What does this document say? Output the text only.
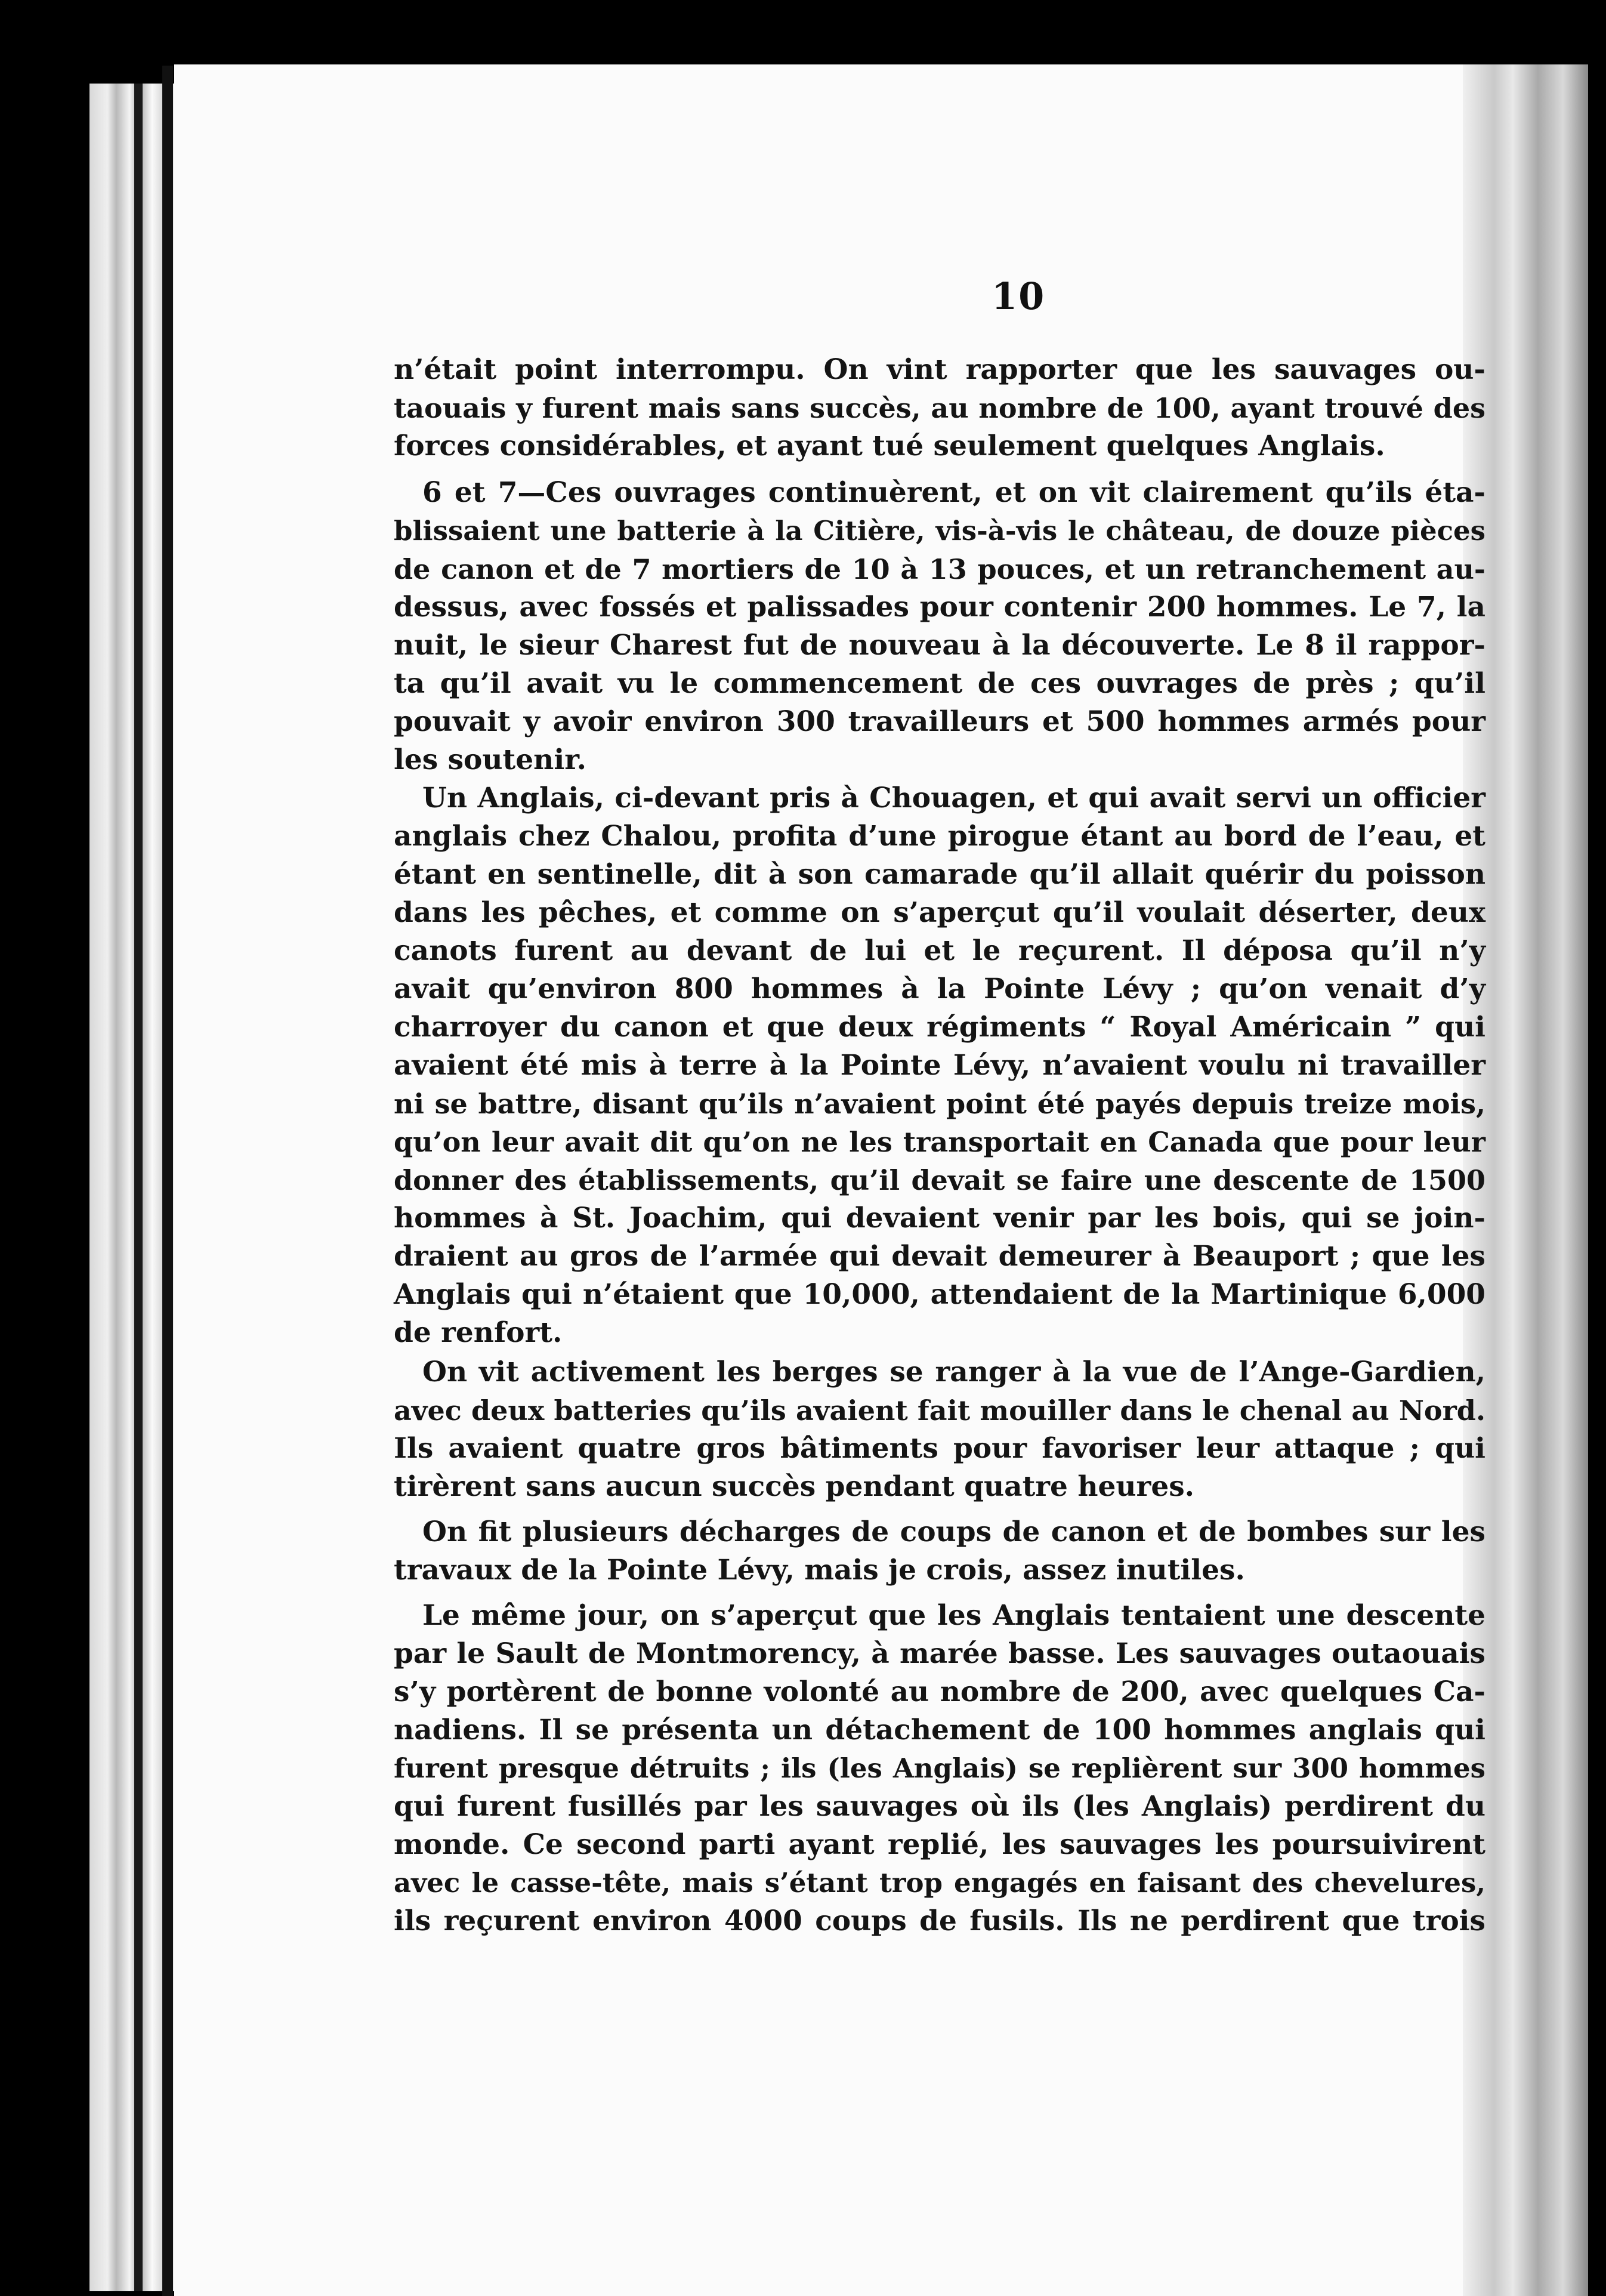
10
n’était point interrompu. On vint rapporter que les sauvages ou-
taouais y furent mais sans succès, au nombre de 100, ayant trouvé des
forces considérables, et ayant tué seulement quelques Anglais.
6 et 7—Ces ouvrages continuèrent, et on vit clairement qu’ils éta-
blissaient une batterie à la Citière, vis-à-vis le château, de douze pièces
de canon et de 7 mortiers de 10 à 13 pouces, et un retranchement au-
dessus, avec fossés et palissades pour contenir 200 hommes. Le 7, la
nuit, le sieur Charest fut de nouveau à la découverte. Le 8 il rappor-
ta qu’il avait vu le commencement de ces ouvrages de près ; qu’il
pouvait y avoir environ 300 travailleurs et 500 hommes armés pour
les soutenir.
Un Anglais, ci-devant pris à Chouagen, et qui avait servi un officier
anglais chez Chalou, profita d’une pirogue étant au bord de l’eau, et
étant en sentinelle, dit à son camarade qu’il allait quérir du poisson
dans les pêches, et comme on s’aperçut qu’il voulait déserter, deux
canots furent au devant de lui et le reçurent. Il déposa qu’il n’y
avait qu’environ 800 hommes à la Pointe Lévy ; qu’on venait d’y
charroyer du canon et que deux régiments “ Royal Américain ” qui
avaient été mis à terre à la Pointe Lévy, n’avaient voulu ni travailler
ni se battre, disant qu’ils n’avaient point été payés depuis treize mois,
qu’on leur avait dit qu’on ne les transportait en Canada que pour leur
donner des établissements, qu’il devait se faire une descente de 1500
hommes à St. Joachim, qui devaient venir par les bois, qui se join-
draient au gros de l’armée qui devait demeurer à Beauport ; que les
Anglais qui n’étaient que 10,000, attendaient de la Martinique 6,000
de renfort.
On vit activement les berges se ranger à la vue de l’Ange-Gardien,
avec deux batteries qu’ils avaient fait mouiller dans le chenal au Nord.
Ils avaient quatre gros bâtiments pour favoriser leur attaque ; qui
tirèrent sans aucun succès pendant quatre heures.
On fit plusieurs décharges de coups de canon et de bombes sur les
travaux de la Pointe Lévy, mais je crois, assez inutiles.
Le même jour, on s’aperçut que les Anglais tentaient une descente
par le Sault de Montmorency, à marée basse. Les sauvages outaouais
s’y portèrent de bonne volonté au nombre de 200, avec quelques Ca-
nadiens. Il se présenta un détachement de 100 hommes anglais qui
furent presque détruits ; ils (les Anglais) se replièrent sur 300 hommes
qui furent fusillés par les sauvages où ils (les Anglais) perdirent du
monde. Ce second parti ayant replié, les sauvages les poursuivirent
avec le casse-tête, mais s’étant trop engagés en faisant des chevelures,
ils reçurent environ 4000 coups de fusils. Ils ne perdirent que trois
